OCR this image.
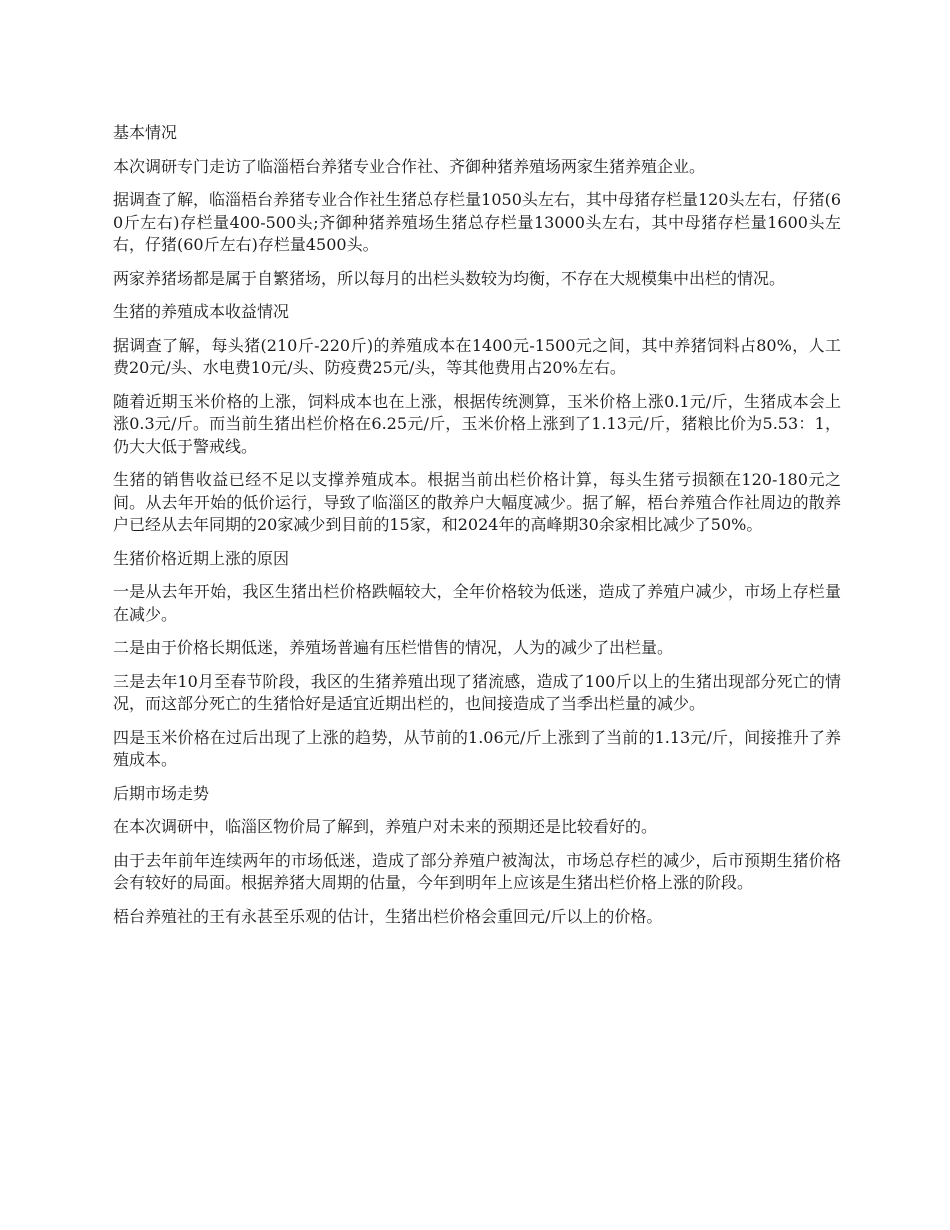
基本情况

本次调研专门走访了临淄梧台养猪专业合作社、齐御种猪养殖场两家生猪养殖企业。

据调查了解，临淄梧台养猪专业合作社生猪总存栏量1050头左右，其中母猪存栏量120头左右，仔猪(60斤左右)存栏量400-500头;齐御种猪养殖场生猪总存栏量13000头左右，其中母猪存栏量1600头左右，仔猪(60斤左右)存栏量4500头。

两家养猪场都是属于自繁猪场，所以每月的出栏头数较为均衡，不存在大规模集中出栏的情况。

生猪的养殖成本收益情况

据调查了解，每头猪(210斤-220斤)的养殖成本在1400元-1500元之间，其中养猪饲料占80%，人工费20元/头、水电费10元/头、防疫费25元/头，等其他费用占20%左右。

随着近期玉米价格的上涨，饲料成本也在上涨，根据传统测算，玉米价格上涨0.1元/斤，生猪成本会上涨0.3元/斤。而当前生猪出栏价格在6.25元/斤，玉米价格上涨到了1.13元/斤，猪粮比价为5.53：1，仍大大低于警戒线。

生猪的销售收益已经不足以支撑养殖成本。根据当前出栏价格计算，每头生猪亏损额在120-180元之间。从去年开始的低价运行，导致了临淄区的散养户大幅度减少。据了解，梧台养殖合作社周边的散养户已经从去年同期的20家减少到目前的15家，和2024年的高峰期30余家相比减少了50%。

生猪价格近期上涨的原因

一是从去年开始，我区生猪出栏价格跌幅较大，全年价格较为低迷，造成了养殖户减少，市场上存栏量在减少。

二是由于价格长期低迷，养殖场普遍有压栏惜售的情况，人为的减少了出栏量。

三是去年10月至春节阶段，我区的生猪养殖出现了猪流感，造成了100斤以上的生猪出现部分死亡的情况，而这部分死亡的生猪恰好是适宜近期出栏的，也间接造成了当季出栏量的减少。

四是玉米价格在过后出现了上涨的趋势，从节前的1.06元/斤上涨到了当前的1.13元/斤，间接推升了养殖成本。

后期市场走势

在本次调研中，临淄区物价局了解到，养殖户对未来的预期还是比较看好的。

由于去年前年连续两年的市场低迷，造成了部分养殖户被淘汰，市场总存栏的减少，后市预期生猪价格会有较好的局面。根据养猪大周期的估量，今年到明年上应该是生猪出栏价格上涨的阶段。

梧台养殖社的王有永甚至乐观的估计，生猪出栏价格会重回元/斤以上的价格。
